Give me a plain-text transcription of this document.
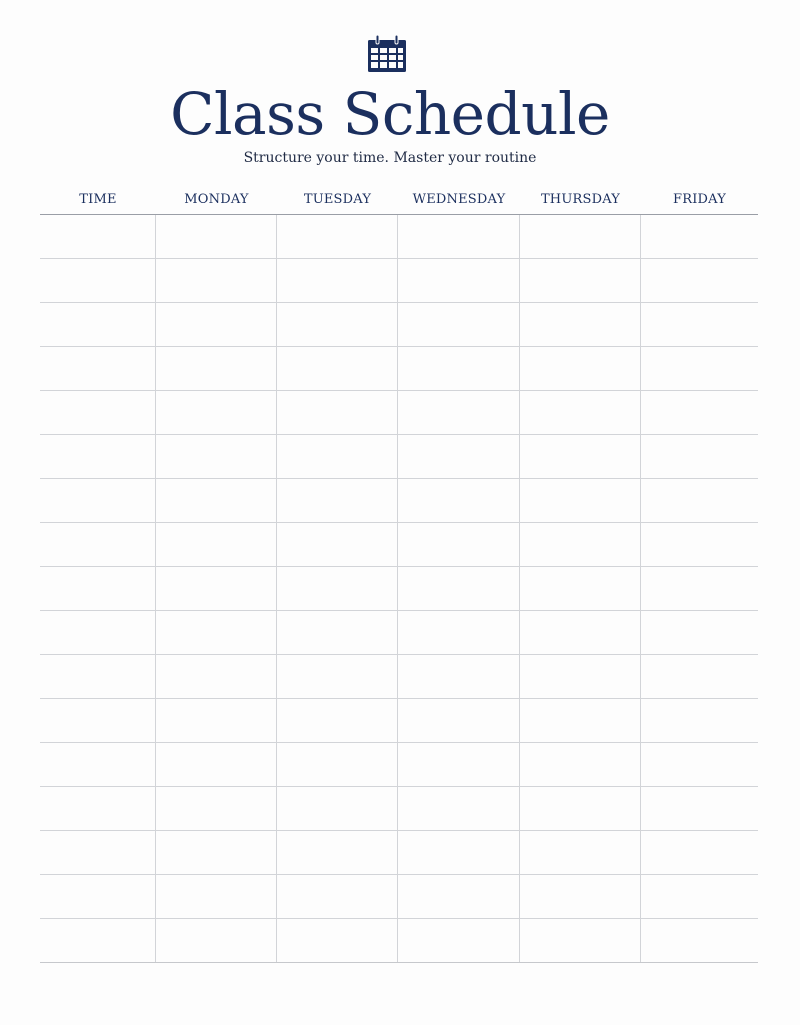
Class Schedule
Structure your time. Master your routine
TIME	MONDAY	TUESDAY	WEDNESDAY	THURSDAY	FRIDAY
